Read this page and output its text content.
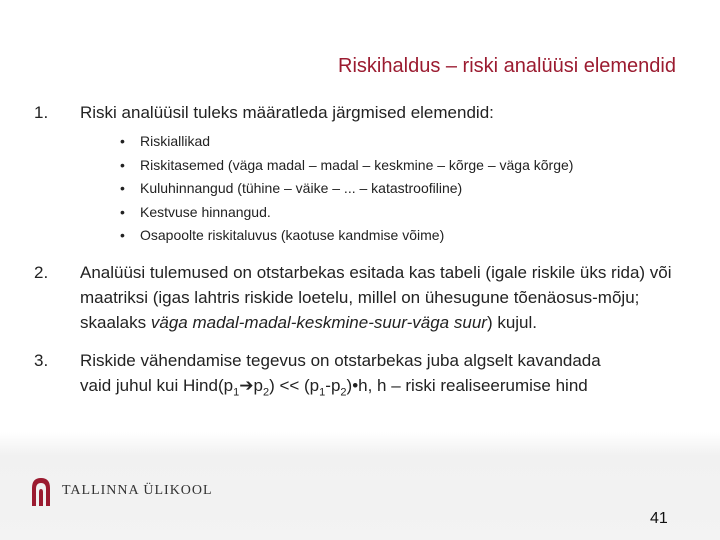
Riskihaldus – riski analüüsi elemendid
1.	Riski analüüsil tuleks määratleda järgmised elemendid:
•	Riskiallikad
•	Riskitasemed (väga madal – madal – keskmine – kõrge – väga kõrge)
•	Kuluhinnangud (tühine – väike – ... – katastroofiline)
•	Kestvuse hinnangud.
•	Osapoolte riskitaluvus (kaotuse kandmise võime)
2.	Analüüsi tulemused on otstarbekas esitada kas tabeli (igale riskile üks rida) või maatriksi (igas lahtris riskide loetelu, millel on ühesugune tõenäosus-mõju; skaalaks väga madal-madal-keskmine-suur-väga suur) kujul.
3.	Riskide vähendamise tegevus on otstarbekas juba algselt kavandada
vaid juhul kui $Hind(p_1➔p_2)$ << $(p_1-p_2)•h$, h – riski realiseerumise hind
TALLINNA ÜLIKOOL
41
